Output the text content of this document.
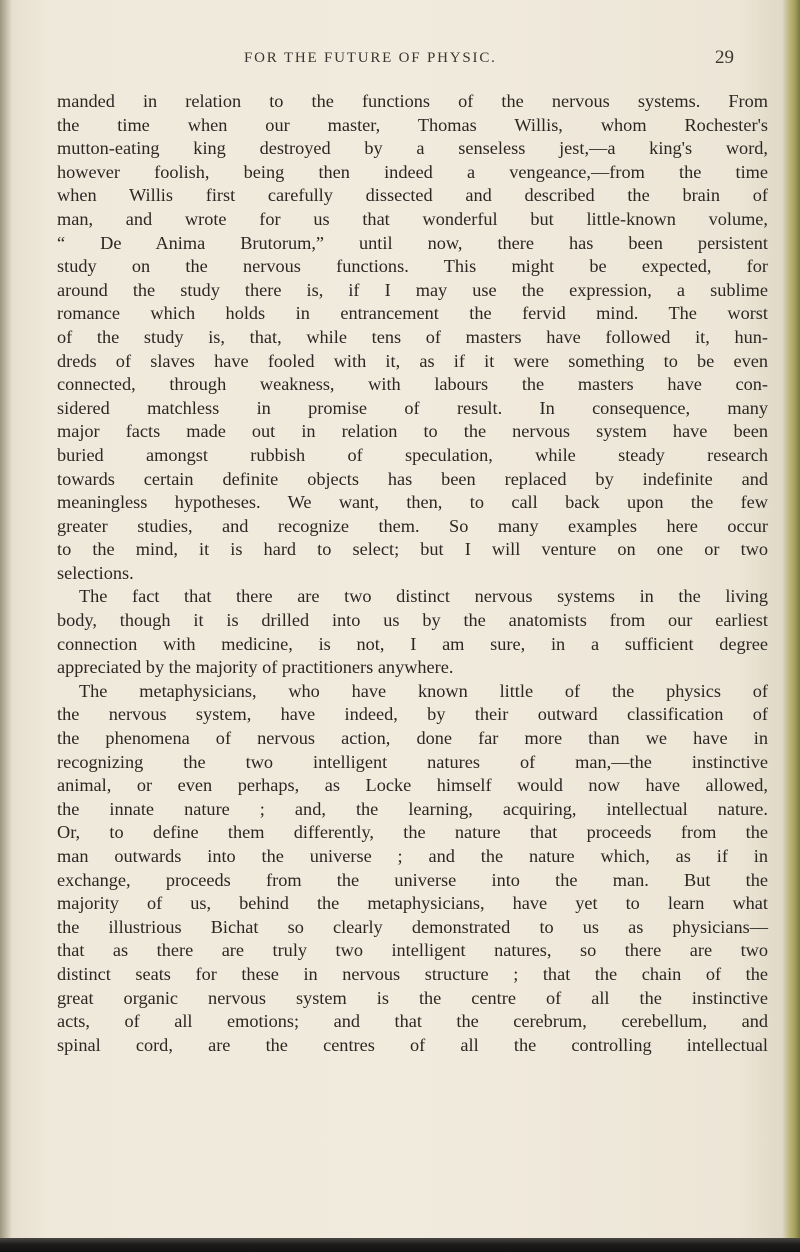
FOR THE FUTURE OF PHYSIC.	29
manded in relation to the functions of the nervous systems. From
the time when our master, Thomas Willis, whom Rochester's
mutton-eating king destroyed by a senseless jest,—a king's word,
however foolish, being then indeed a vengeance,—from the time
when Willis first carefully dissected and described the brain of
man, and wrote for us that wonderful but little-known volume,
“ De Anima Brutorum,” until now, there has been persistent
study on the nervous functions. This might be expected, for
around the study there is, if I may use the expression, a sublime
romance which holds in entrancement the fervid mind. The worst
of the study is, that, while tens of masters have followed it, hun-
dreds of slaves have fooled with it, as if it were something to be even
connected, through weakness, with labours the masters have con-
sidered matchless in promise of result. In consequence, many
major facts made out in relation to the nervous system have been
buried amongst rubbish of speculation, while steady research
towards certain definite objects has been replaced by indefinite and
meaningless hypotheses. We want, then, to call back upon the few
greater studies, and recognize them. So many examples here occur
to the mind, it is hard to select; but I will venture on one or two
selections.
The fact that there are two distinct nervous systems in the living
body, though it is drilled into us by the anatomists from our earliest
connection with medicine, is not, I am sure, in a sufficient degree
appreciated by the majority of practitioners anywhere.
The metaphysicians, who have known little of the physics of
the nervous system, have indeed, by their outward classification of
the phenomena of nervous action, done far more than we have in
recognizing the two intelligent natures of man,—the instinctive
animal, or even perhaps, as Locke himself would now have allowed,
the innate nature ; and, the learning, acquiring, intellectual nature.
Or, to define them differently, the nature that proceeds from the
man outwards into the universe ; and the nature which, as if in
exchange, proceeds from the universe into the man. But the
majority of us, behind the metaphysicians, have yet to learn what
the illustrious Bichat so clearly demonstrated to us as physicians—
that as there are truly two intelligent natures, so there are two
distinct seats for these in nervous structure ; that the chain of the
great organic nervous system is the centre of all the instinctive
acts, of all emotions; and that the cerebrum, cerebellum, and
spinal cord, are the centres of all the controlling intellectual
